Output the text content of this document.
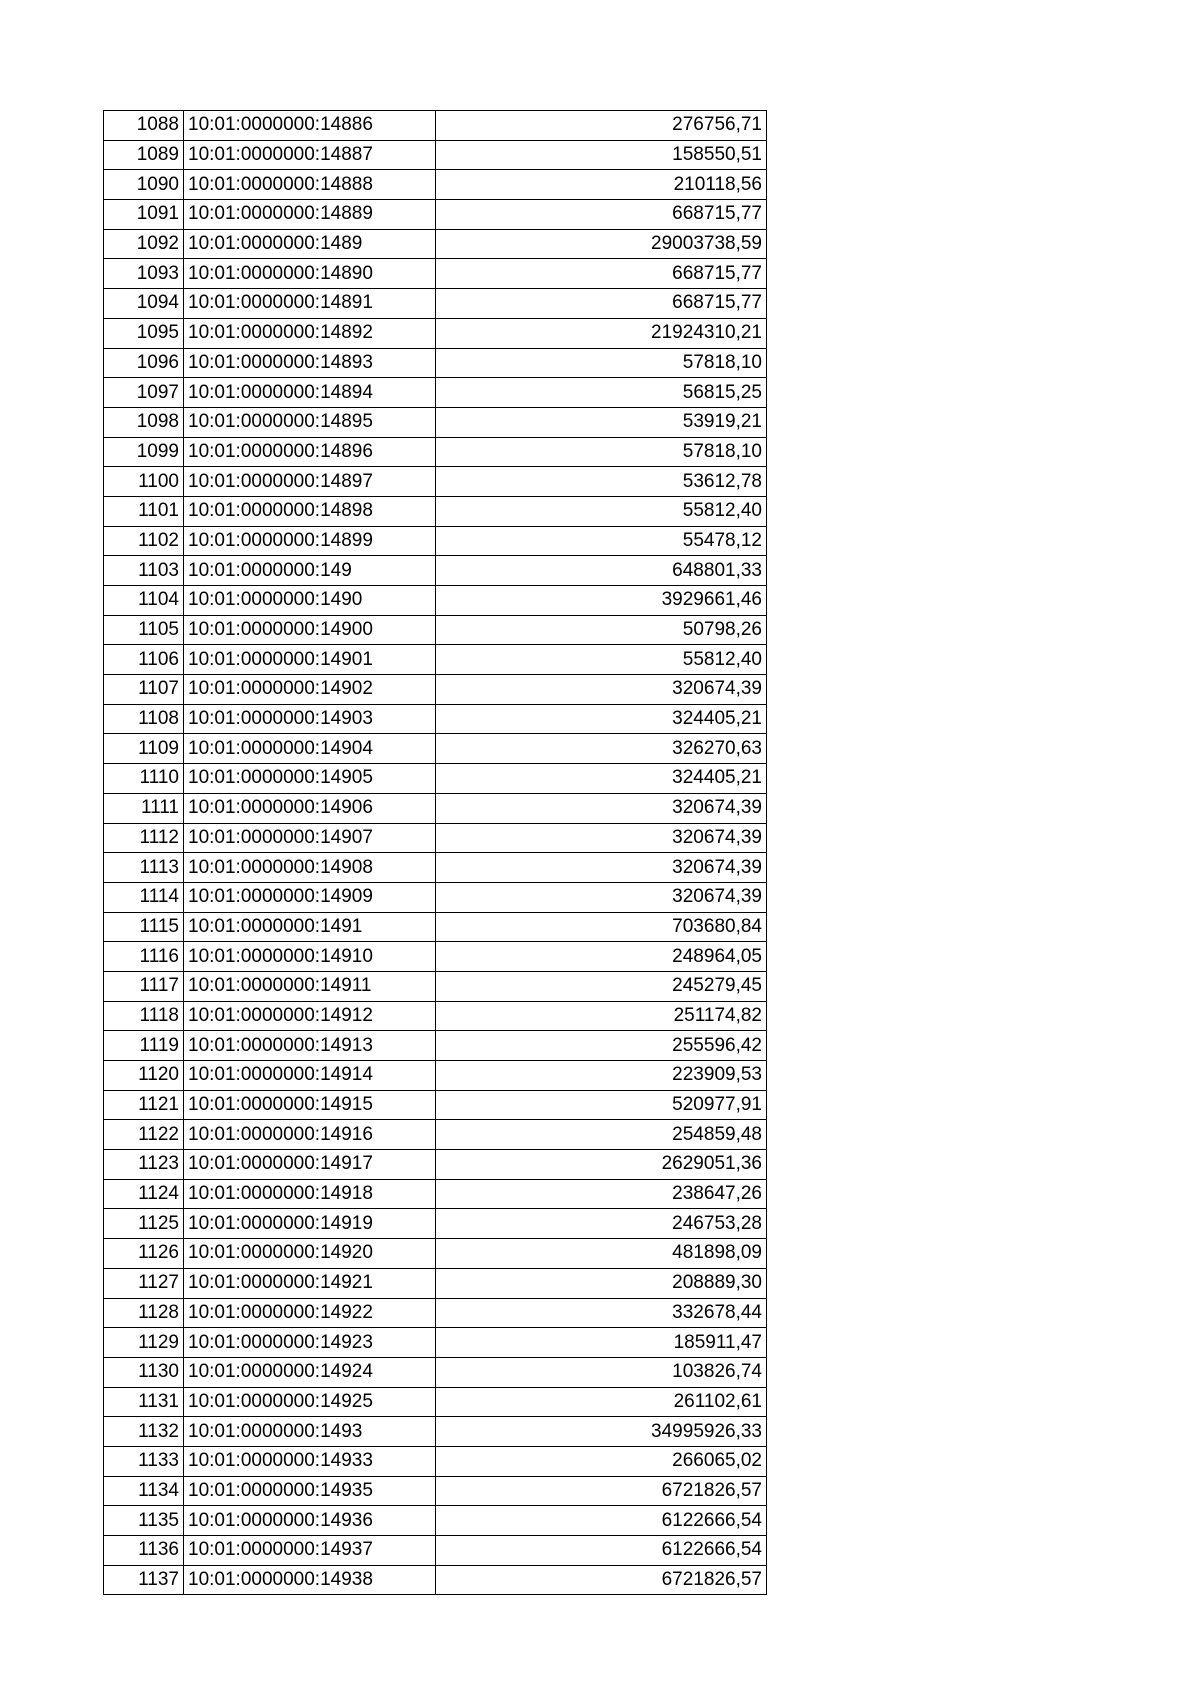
1088	10:01:0000000:14886	276756,71
1089	10:01:0000000:14887	158550,51
1090	10:01:0000000:14888	210118,56
1091	10:01:0000000:14889	668715,77
1092	10:01:0000000:1489	29003738,59
1093	10:01:0000000:14890	668715,77
1094	10:01:0000000:14891	668715,77
1095	10:01:0000000:14892	21924310,21
1096	10:01:0000000:14893	57818,10
1097	10:01:0000000:14894	56815,25
1098	10:01:0000000:14895	53919,21
1099	10:01:0000000:14896	57818,10
1100	10:01:0000000:14897	53612,78
1101	10:01:0000000:14898	55812,40
1102	10:01:0000000:14899	55478,12
1103	10:01:0000000:149	648801,33
1104	10:01:0000000:1490	3929661,46
1105	10:01:0000000:14900	50798,26
1106	10:01:0000000:14901	55812,40
1107	10:01:0000000:14902	320674,39
1108	10:01:0000000:14903	324405,21
1109	10:01:0000000:14904	326270,63
1110	10:01:0000000:14905	324405,21
1111	10:01:0000000:14906	320674,39
1112	10:01:0000000:14907	320674,39
1113	10:01:0000000:14908	320674,39
1114	10:01:0000000:14909	320674,39
1115	10:01:0000000:1491	703680,84
1116	10:01:0000000:14910	248964,05
1117	10:01:0000000:14911	245279,45
1118	10:01:0000000:14912	251174,82
1119	10:01:0000000:14913	255596,42
1120	10:01:0000000:14914	223909,53
1121	10:01:0000000:14915	520977,91
1122	10:01:0000000:14916	254859,48
1123	10:01:0000000:14917	2629051,36
1124	10:01:0000000:14918	238647,26
1125	10:01:0000000:14919	246753,28
1126	10:01:0000000:14920	481898,09
1127	10:01:0000000:14921	208889,30
1128	10:01:0000000:14922	332678,44
1129	10:01:0000000:14923	185911,47
1130	10:01:0000000:14924	103826,74
1131	10:01:0000000:14925	261102,61
1132	10:01:0000000:1493	34995926,33
1133	10:01:0000000:14933	266065,02
1134	10:01:0000000:14935	6721826,57
1135	10:01:0000000:14936	6122666,54
1136	10:01:0000000:14937	6122666,54
1137	10:01:0000000:14938	6721826,57
